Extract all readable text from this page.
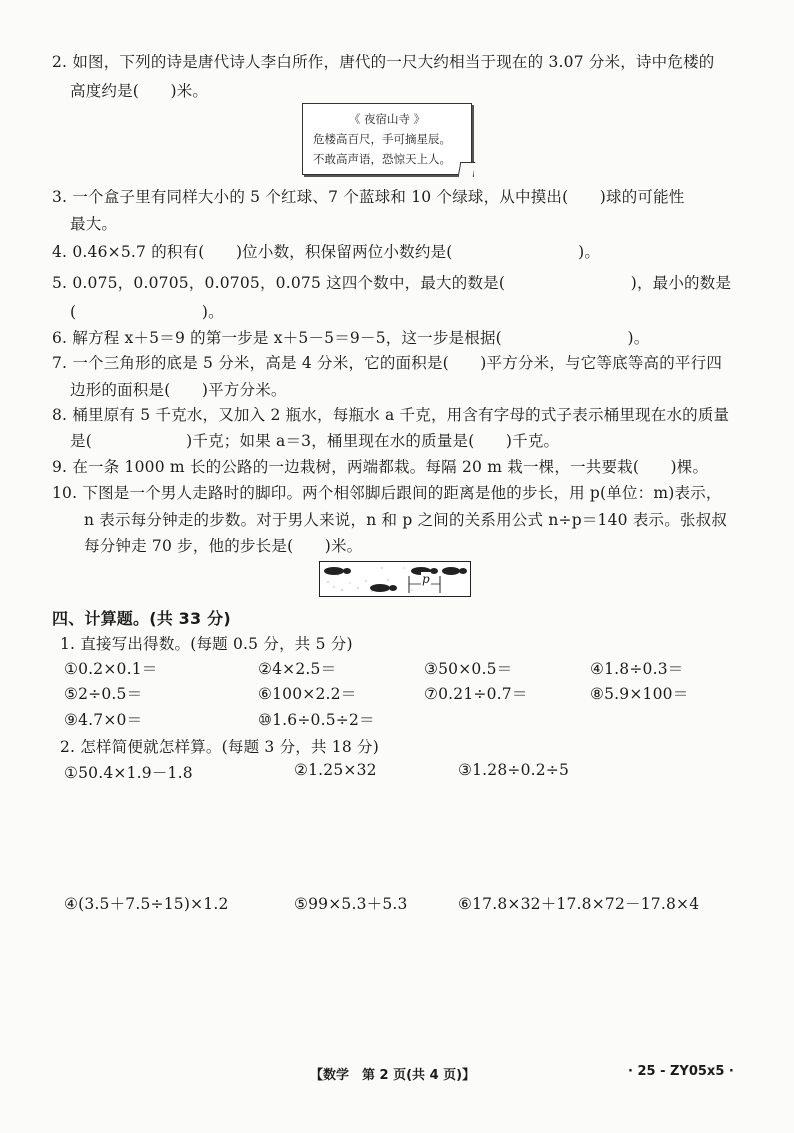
2. 如图，下列的诗是唐代诗人李白所作，唐代的一尺大约相当于现在的 3.07 分米，诗中危楼的
高度约是(　　)米。
《 夜宿山寺 》
危楼高百尺，手可摘星辰。
不敢高声语，恐惊天上人。
3. 一个盒子里有同样大小的 5 个红球、7 个蓝球和 10 个绿球，从中摸出(　　)球的可能性
最大。
4. 0.46×5.7 的积有(　　)位小数，积保留两位小数约是(　　　　　　　　)。
5. 0.075，0.0705，0.0705，0.075 这四个数中，最大的数是(　　　　　　　　)，最小的数是
(　　　　　　　　)。
6. 解方程 x＋5＝9 的第一步是 x＋5－5＝9－5，这一步是根据(　　　　　　　　)。
7. 一个三角形的底是 5 分米，高是 4 分米，它的面积是(　　)平方分米，与它等底等高的平行四
边形的面积是(　　)平方分米。
8. 桶里原有 5 千克水，又加入 2 瓶水，每瓶水 a 千克，用含有字母的式子表示桶里现在水的质量
是(　　　　　　)千克；如果 a＝3，桶里现在水的质量是(　　)千克。
9. 在一条 1000 m 长的公路的一边栽树，两端都栽。每隔 20 m 栽一棵，一共要栽(　　)棵。
10. 下图是一个男人走路时的脚印。两个相邻脚后跟间的距离是他的步长，用 p(单位：m)表示，
n 表示每分钟走的步数。对于男人来说，n 和 p 之间的关系用公式 n÷p＝140 表示。张叔叔
每分钟走 70 步，他的步长是(　　)米。
p
四、计算题。(共 33 分)
1. 直接写出得数。(每题 0.5 分，共 5 分)
①0.2×0.1＝	②4×2.5＝	③50×0.5＝	④1.8÷0.3＝
⑤2÷0.5＝	⑥100×2.2＝	⑦0.21÷0.7＝	⑧5.9×100＝
⑨4.7×0＝	⑩1.6÷0.5÷2＝
2. 怎样简便就怎样算。(每题 3 分，共 18 分)
①50.4×1.9－1.8	②1.25×32	③1.28÷0.2÷5
④(3.5＋7.5÷15)×1.2	⑤99×5.3＋5.3	⑥17.8×32＋17.8×72－17.8×4
【数学　第 2 页(共 4 页)】	· 25 - ZY05x5 ·
